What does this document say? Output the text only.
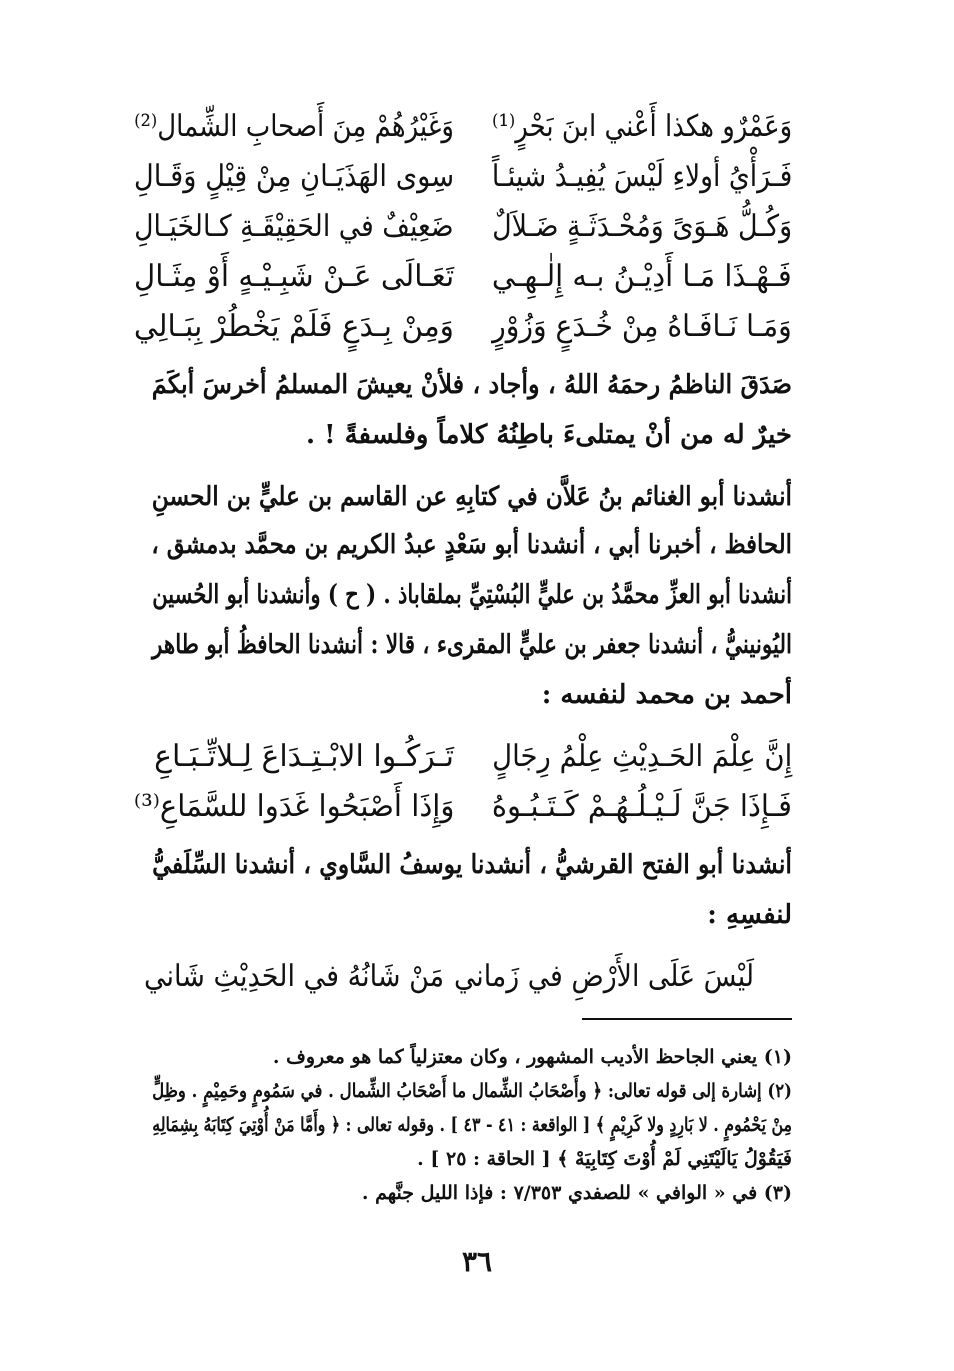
وَعَمْرٌو هكذا أَعْني ابنَ بَحْرٍ⁽¹⁾
وَغَيْرُهُمْ مِنَ أَصحابِ الشِّمال⁽²⁾
فَـرَأْيُ أولاءِ لَيْسَ يُفِيـدُ شيئـاً
سِوى الهَذَيَـانِ مِنْ قِيْلٍ وَقَـالِ
وَكُـلُّ هَـوَىً وَمُحْـدَثَـةٍ ضَـلاَلٌ
ضَعِيْفٌ في الحَقِيْقَـةِ كـالخَيَـالِ
فَـهْـذَا مَـا أَدِيْـنُ بـه إِلٰـهِـي
تَعَـالَى عَـنْ شَبِـيْـهٍ أَوْ مِثَـالِ
وَمَـا نَـافَـاهُ مِنْ خُـدَعٍ وَزُوْرٍ
وَمِنْ بِـدَعٍ فَلَمْ يَخْطُرْ بِبَـالِي
صَدَقَ الناظمُ رحمَهُ اللهُ ، وأجاد ، فلأنْ يعيشَ المسلمُ أخرسَ أبكَمَ
خيرٌ له من أنْ يمتلىءَ باطِنُهُ كلاماً وفلسفةً ! .
أنشدنا أبو الغنائم بنُ عَلاَّن في كتابِهِ عن القاسم بن عليٍّ بن الحسنِ
الحافظ ، أخبرنا أبي ، أنشدنا أبو سَعْدٍ عبدُ الكريم بن محمَّد بدمشق ،
أنشدنا أبو العزِّ محمَّدُ بن عليٍّ البُسْتِيِّ بملقاباذ . ( ح ) وأنشدنا أبو الحُسين
اليُونينيُّ ، أنشدنا جعفر بن عليٍّ المقرىء ، قالا : أنشدنا الحافظُ أبو طاهر
أحمد بن محمد لنفسه :
إِنَّ عِلْمَ الحَـدِيْثِ عِلْمُ رِجَالٍ
تَـرَكُـوا الابْـتِـدَاعَ لِـلاتِّـبَـاعِ
فَـإِذَا جَنَّ لَـيْـلُـهُـمْ كَـتَـبُـوهُ
وَإِذَا أَصْبَحُوا غَدَوا للسَّمَاعِ⁽³⁾
أنشدنا أبو الفتح القرشيُّ ، أنشدنا يوسفُ السَّاوي ، أنشدنا السِّلَفيُّ
لنفسِهِ :
لَيْسَ عَلَى الأَرْضِ في زَماني
مَنْ شَانُهُ في الحَدِيْثِ شَاني
(١) يعني الجاحظ الأديب المشهور ، وكان معتزلياً كما هو معروف .
(٢) إشارة إلى قوله تعالى: ﴿ وأَصْحَابُ الشِّمال ما أَصْحَابُ الشِّمال . في سَمُومٍ وحَمِيْمٍ . وظِلٍّ
مِنْ يَحْمُومٍ . لا بَارِدٍ ولا كَرِيْمٍ ﴾ [ الواقعة : ٤١ - ٤٣ ] . وقوله تعالى : ﴿ وأَمَّا مَنْ أُوْتِيَ كِتَابَهُ بِشِمَالِهِ
فَيَقُوْلُ يَالَيْتَنِي لَمْ أُوْتَ كِتَابِيَهْ ﴾ [ الحاقة : ٢٥ ] .
(٣) في « الوافي » للصفدي ٧/٣٥٣ : فإذا الليل جنَّهم .
٣٦
